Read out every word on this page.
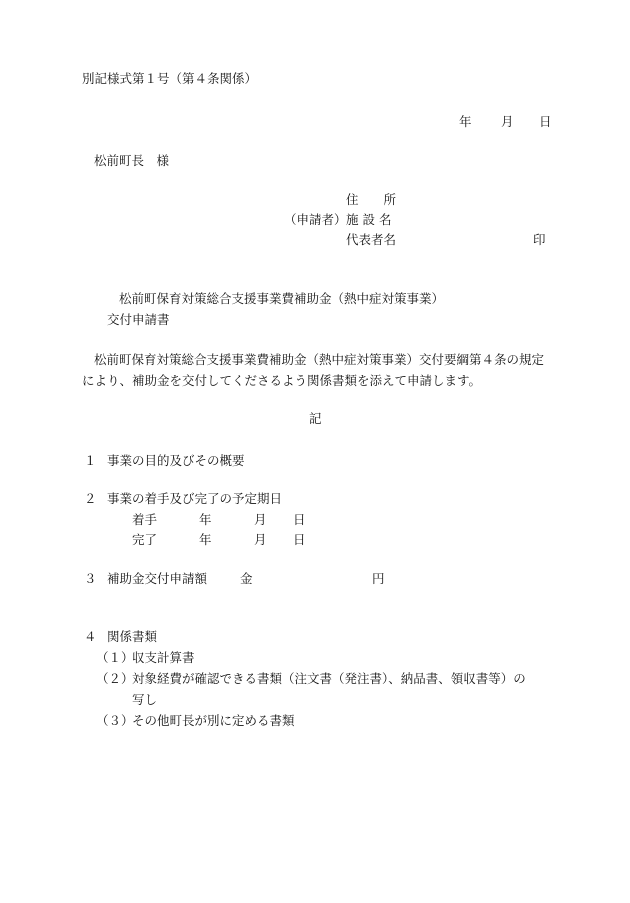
別記様式第１号（第４条関係）
年 月 日
松前町長　様
住　　所
（申請者） 施 設 名
代表者名	印
松前町保育対策総合支援事業費補助金（熱中症対策事業）
交付申請書
松前町保育対策総合支援事業費補助金（熱中症対策事業）交付要綱第４条の規定により、補助金を交付してくださるよう関係書類を添えて申請します。
記
１ 事業の目的及びその概要
２ 事業の着手及び完了の予定期日
着手	年	月 日
完了	年	月 日
３ 補助金交付申請額	金	円
４ 関係書類
（１）
収支計算書
（２）
対象経費が確認できる書類（注文書（発注書）、納品書、領収書等）の
写し
（３）
その他町長が別に定める書類
